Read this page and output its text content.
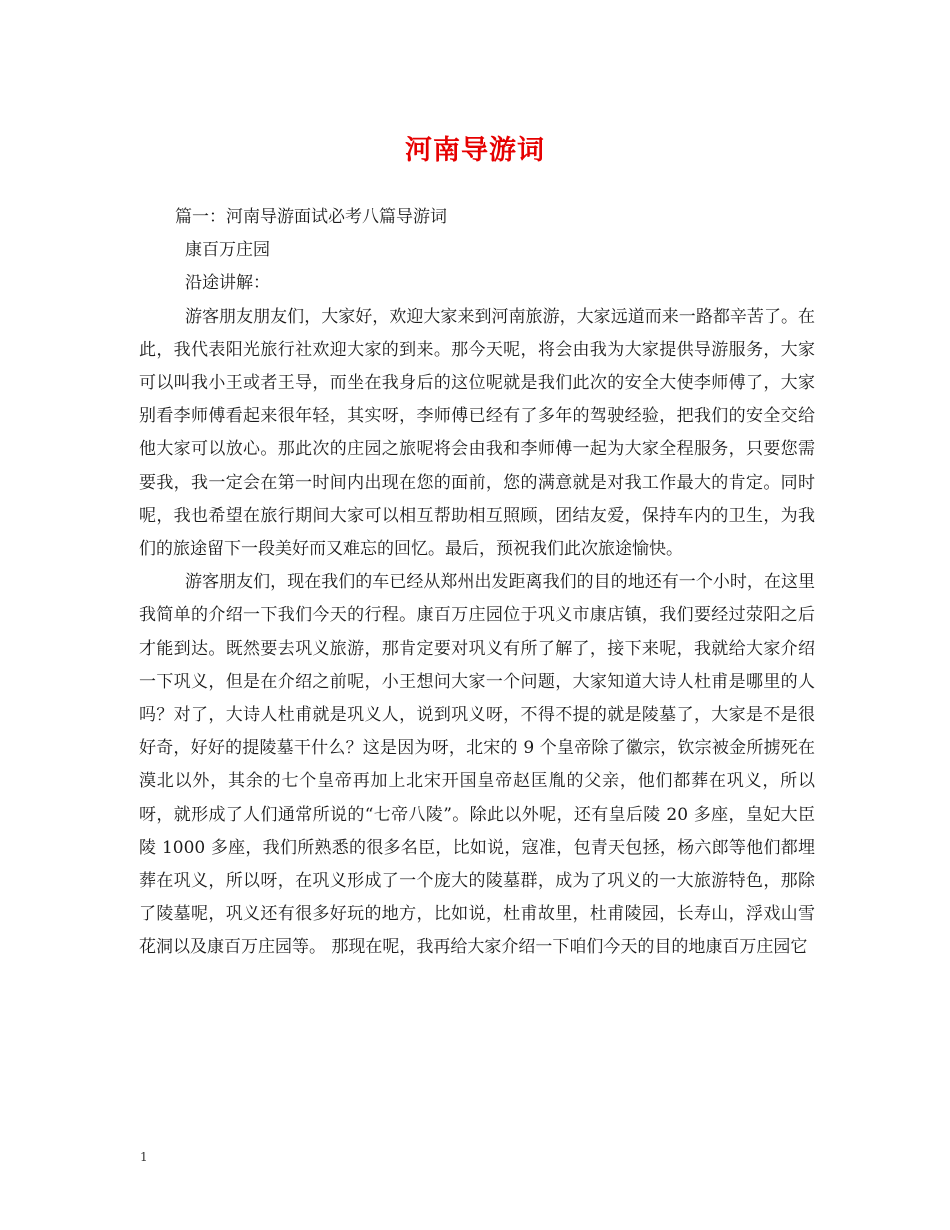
河南导游词

篇一：河南导游面试必考八篇导游词

康百万庄园

沿途讲解：

游客朋友朋友们，大家好，欢迎大家来到河南旅游，大家远道而来一路都辛苦了。在此，我代表阳光旅行社欢迎大家的到来。那今天呢，将会由我为大家提供导游服务，大家可以叫我小王或者王导，而坐在我身后的这位呢就是我们此次的安全大使李师傅了，大家别看李师傅看起来很年轻，其实呀，李师傅已经有了多年的驾驶经验，把我们的安全交给他大家可以放心。那此次的庄园之旅呢将会由我和李师傅一起为大家全程服务，只要您需要我，我一定会在第一时间内出现在您的面前，您的满意就是对我工作最大的肯定。同时呢，我也希望在旅行期间大家可以相互帮助相互照顾，团结友爱，保持车内的卫生，为我们的旅途留下一段美好而又难忘的回忆。最后，预祝我们此次旅途愉快。

游客朋友们，现在我们的车已经从郑州出发距离我们的目的地还有一个小时，在这里我简单的介绍一下我们今天的行程。康百万庄园位于巩义市康店镇，我们要经过荥阳之后才能到达。既然要去巩义旅游，那肯定要对巩义有所了解了，接下来呢，我就给大家介绍一下巩义，但是在介绍之前呢，小王想问大家一个问题，大家知道大诗人杜甫是哪里的人吗？对了，大诗人杜甫就是巩义人，说到巩义呀，不得不提的就是陵墓了，大家是不是很好奇，好好的提陵墓干什么？这是因为呀，北宋的 9 个皇帝除了徽宗，钦宗被金所掳死在漠北以外，其余的七个皇帝再加上北宋开国皇帝赵匡胤的父亲，他们都葬在巩义，所以呀，就形成了人们通常所说的“七帝八陵”。除此以外呢，还有皇后陵 20 多座，皇妃大臣陵 1000 多座，我们所熟悉的很多名臣，比如说，寇准，包青天包拯，杨六郎等他们都埋葬在巩义，所以呀，在巩义形成了一个庞大的陵墓群，成为了巩义的一大旅游特色，那除了陵墓呢，巩义还有很多好玩的地方，比如说，杜甫故里，杜甫陵园，长寿山，浮戏山雪花洞以及康百万庄园等。 那现在呢，我再给大家介绍一下咱们今天的目的地康百万庄园它

1
